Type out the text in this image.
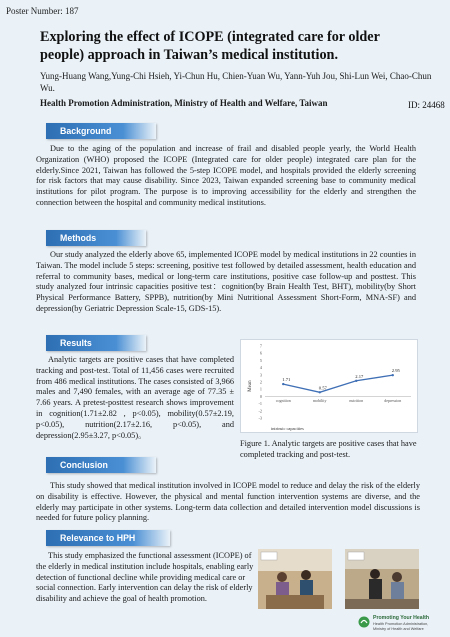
Poster Number: 187
Exploring the effect of ICOPE (integrated care for older people) approach in Taiwan’s medical institution.
Yung-Huang Wang,Yung-Chi Hsieh, Yi-Chun Hu, Chien-Yuan Wu, Yann-Yuh Jou, Shi-Lun Wei, Chao-Chun Wu.
Health Promotion Administration, Ministry of Health and Welfare, Taiwan	ID: 24468
Background
Due to the aging of the population and increase of frail and disabled people yearly, the World Health Organization (WHO) proposed the ICOPE (Integrated care for older people) integrated care plan for the elderly.Since 2021, Taiwan has followed the 5-step ICOPE model, and hospitals provided the elderly screening for risk factors that may cause disability. Since 2023, Taiwan expanded screening base to community medical institutions for pilot program. The purpose is to improving accessibility for the elderly and strengthen the connection between the hospital and community medical institutions.
Methods
Our study analyzed the elderly above 65, implemented ICOPE model by medical institutions in 22 counties in Taiwan. The model include 5 steps: screening, positive test followed by detailed assessment, health education and referral to community bases, medical or long-term care institutions, positive case follow-up and posttest. This study analyzed four intrinsic capacities positive test：cognition(by Brain Health Test, BHT), mobility(by Short Physical Performance Battery, SPPB), nutrition(by Mini Nutritional Assessment Short-Form, MNA-SF) and depression(by Geriatric Depression Scale-15, GDS-15).
Results
Analytic targets are positive cases that have completed tracking and post-test. Total of 11,456 cases were recruited from 486 medical institutions. The cases consisted of 3,966 males and 7,490 females, with an average age of 77.35 ± 7.66 years. A pretest-posttest research shows improvement in cognition(1.71±2.82 , p<0.05), mobility(0.57±2.19, p<0.05), nutrition(2.17±2.16, p<0.05), and depression(2.95±3.27, p<0.05)。
7
6
5
4
3
2
1
0
-1
-2
-3
1.71
0.57
2.17
2.95
cognition	mobility	nutrition	depression
Mean
intrinsic capacities
Figure 1. Analytic targets are positive cases that have completed tracking and post-test.
Conclusion
This study showed that medical institution involved in ICOPE model to reduce and delay the risk of the elderly on disability is effective. However, the physical and mental function intervention systems are diverse, and the elderly may participate in other systems. Long-term data collection and detailed intervention model discussions is needed for future policy planning.
Relevance to HPH
This study emphasized the functional assessment (ICOPE) of the elderly in medical institution include hospitals, enabling early detection of functional decline while providing medical care or social connection. Early intervention can delay the risk of elderly disability and achieve the goal of health promotion.
Promoting Your Health
Health Promotion Administration,
Ministry of Health and Welfare
